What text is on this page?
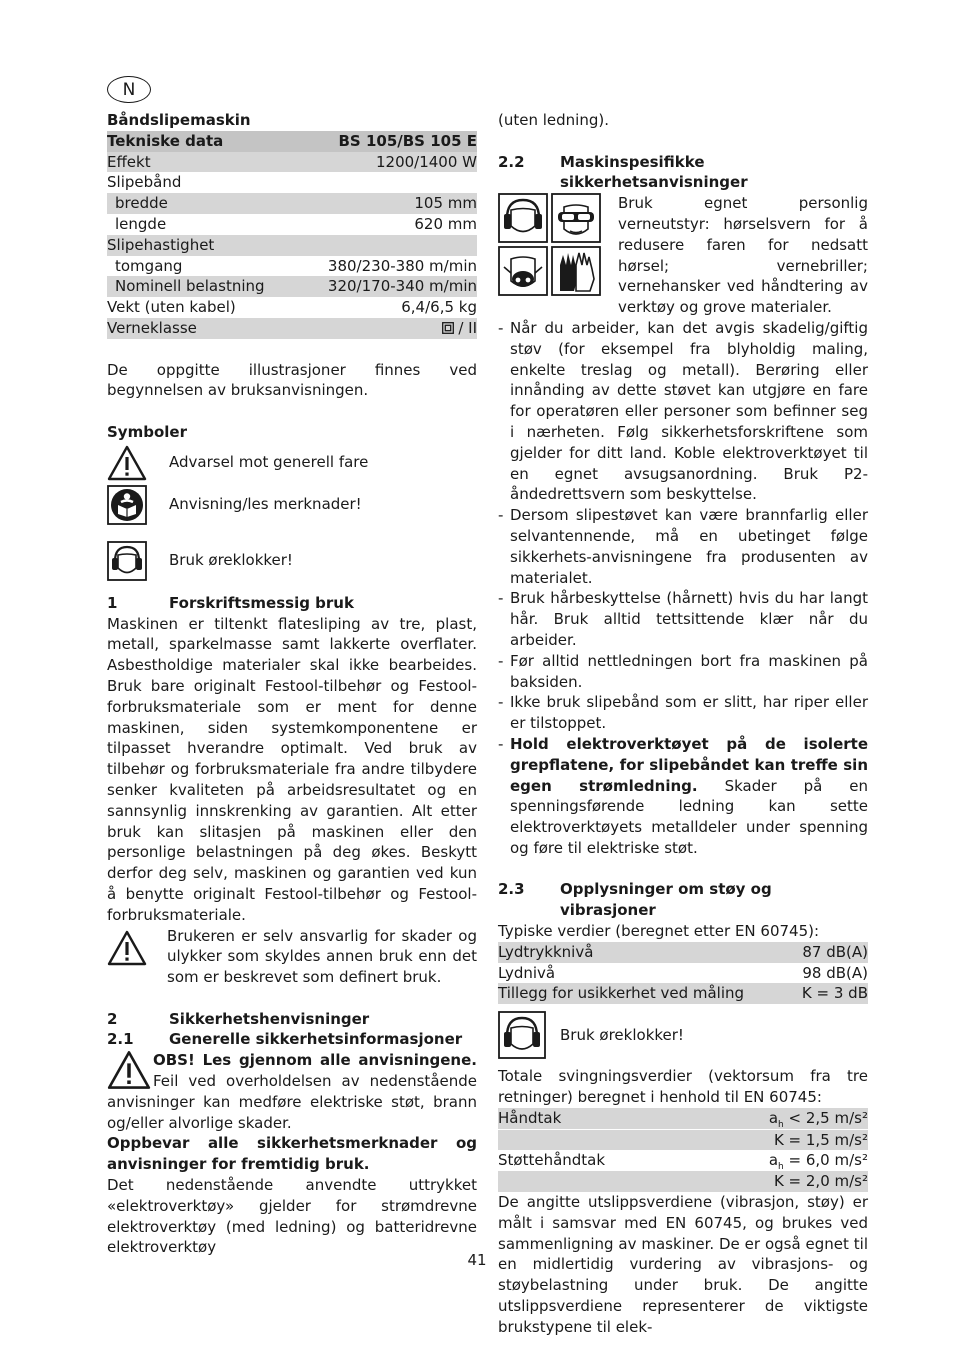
N
Båndslipemaskin
Tekniske data	BS 105/BS 105 E
Effekt	1200/1400 W
Slipebånd
bredde	105 mm
lengde	620 mm
Slipehastighet
tomgang	380/230-380 m/min
Nominell belastning	320/170-340 m/min
Vekt (uten kabel)	6,4/6,5 kg
Verneklasse	/ II
De oppgitte illustrasjoner finnes ved begynnelsen av bruksanvisningen.
Symboler
Advarsel mot generell fare
Anvisning/les merknader!
Bruk øreklokker!
1	Forskriftsmessig bruk
Maskinen er tiltenkt flatesliping av tre, plast, metall, sparkelmasse samt lakkerte overflater. Asbestholdige materialer skal ikke bearbeides. Bruk bare originalt Festool-tilbehør og Festool-forbruksmateriale som er ment for denne maskinen, siden systemkomponentene er tilpasset hverandre optimalt. Ved bruk av tilbehør og forbruksmateriale fra andre tilbydere senker kvaliteten på arbeidsresultatet og en sannsynlig innskrenking av garantien. Alt etter bruk kan slitasjen på maskinen eller den personlige belastningen på deg økes. Beskytt derfor deg selv, maskinen og garantien ved kun å benytte originalt Festool-tilbehør og Festool-forbruksmateriale.
Brukeren er selv ansvarlig for skader og ulykker som skyldes annen bruk enn det som er beskrevet som definert bruk.
2	Sikkerhetshenvisninger
2.1	Generelle sikkerhetsinformasjoner
OBS! Les gjennom alle anvisningene. Feil ved overholdelsen av nedenstående anvisninger kan medføre elektriske støt, brann og/eller alvorlige skader.
Oppbevar alle sikkerhetsmerknader og anvisninger for fremtidig bruk.
Det nedenstående anvendte uttrykket «elektroverktøy» gjelder for strømdrevne elektroverktøy (med ledning) og batteridrevne elektroverktøy
(uten ledning).
2.2	Maskinspesifikke sikkerhetsanvisninger
Bruk egnet personlig verneutstyr: hørselsvern for å redusere faren for nedsatt hørsel; vernebriller; vernehansker ved håndtering av verktøy og grove materialer.
- Når du arbeider, kan det avgis skadelig/giftig støv (for eksempel fra blyholdig maling, enkelte treslag og metall). Berøring eller innånding av dette støvet kan utgjøre en fare for operatøren eller personer som befinner seg i nærheten. Følg sikkerhetsforskriftene som gjelder for ditt land. Koble elektroverktøyet til en egnet avsugsanordning. Bruk P2-åndedrettsvern som beskyttelse.
- Dersom slipestøvet kan være brannfarlig eller selvantennende, må en ubetinget følge sikkerhets-anvisningene fra produsenten av materialet.
- Bruk hårbeskyttelse (hårnett) hvis du har langt hår. Bruk alltid tettsittende klær når du arbeider.
- Før alltid nettledningen bort fra maskinen på baksiden.
- Ikke bruk slipebånd som er slitt, har riper eller er tilstoppet.
- Hold elektroverktøyet på de isolerte grepflatene, for slipebåndet kan treffe sin egen strømledning. Skader på en spenningsførende ledning kan sette elektroverktøyets metalldeler under spenning og føre til elektriske støt.
2.3	Opplysninger om støy og vibrasjoner
Typiske verdier (beregnet etter EN 60745):
Lydtrykknivå	87 dB(A)
Lydnivå	98 dB(A)
Tillegg for usikkerhet ved måling	K = 3 dB
Bruk øreklokker!
Totale svingningsverdier (vektorsum fra tre retninger) beregnet i henhold til EN 60745:
Håndtak	$a_h < 2,5$ m/s²
K = 1,5 m/s²
Støttehåndtak	$a_h = 6,0$ m/s²
K = 2,0 m/s²
De angitte utslippsverdiene (vibrasjon, støy) er målt i samsvar med EN 60745, og brukes ved sammenligning av maskiner. De er også egnet til en midlertidig vurdering av vibrasjons- og støybelastning under bruk. De angitte utslippsverdiene representerer de viktigste brukstypene til elek-
41
